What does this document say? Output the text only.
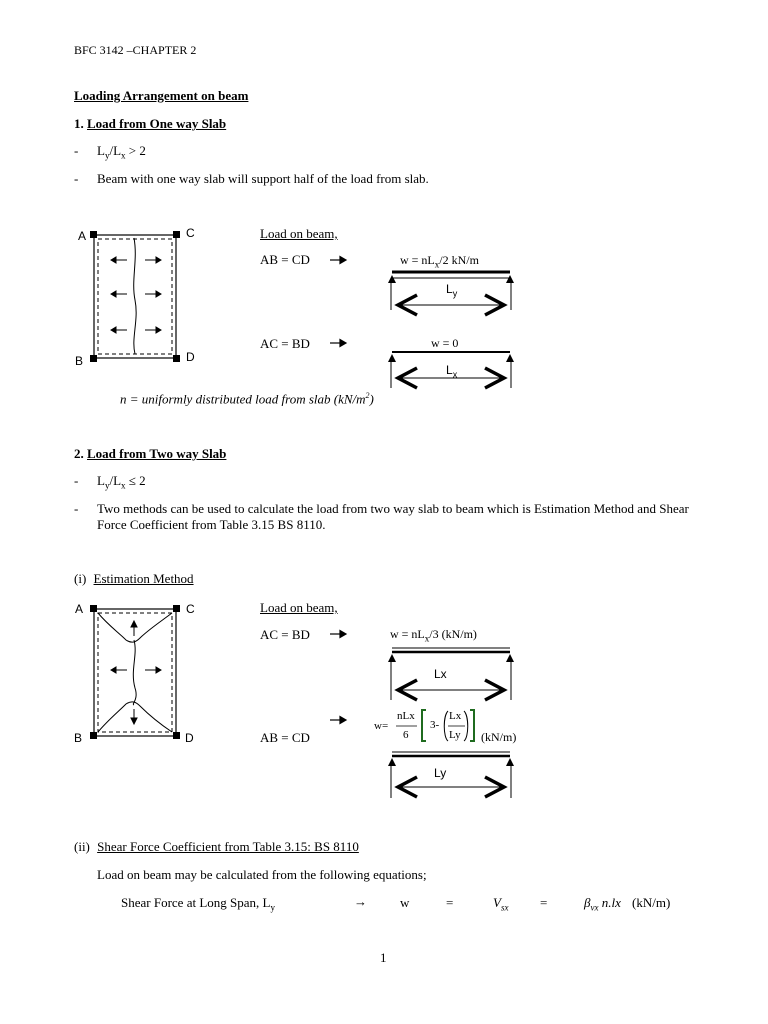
BFC 3142 –CHAPTER 2
Loading Arrangement on beam
1. Load from One way Slab
- $L_y/L_x > 2$
- Beam with one way slab will support half of the load from slab.
A	C
B	D
Load on beam,
AB = CD
AC = BD
$w = nL_x/2$ kN/m
$L_y$
w = 0
$L_x$
n = uniformly distributed load from slab $(kN/m^2)$
2. Load from Two way Slab
- $L_y/L_x \le 2$
- Two methods can be used to calculate the load from two way slab to beam which is Estimation Method and Shear Force Coefficient from Table 3.15 BS 8110.
(i) Estimation Method
A	C
B	D
Load on beam,
AC = BD
AB = CD
$w = nL_x/3$ (kN/m)
Lx
w=
nLx
6
3-
Lx
Ly (kN/m)
Ly
(ii) Shear Force Coefficient from Table 3.15: BS 8110
Load on beam may be calculated from the following equations;
Shear Force at Long Span, $L_y$	→	w	=	$V_{sx}$ =	$\beta_{vx}$ n.lx (kN/m)
1
